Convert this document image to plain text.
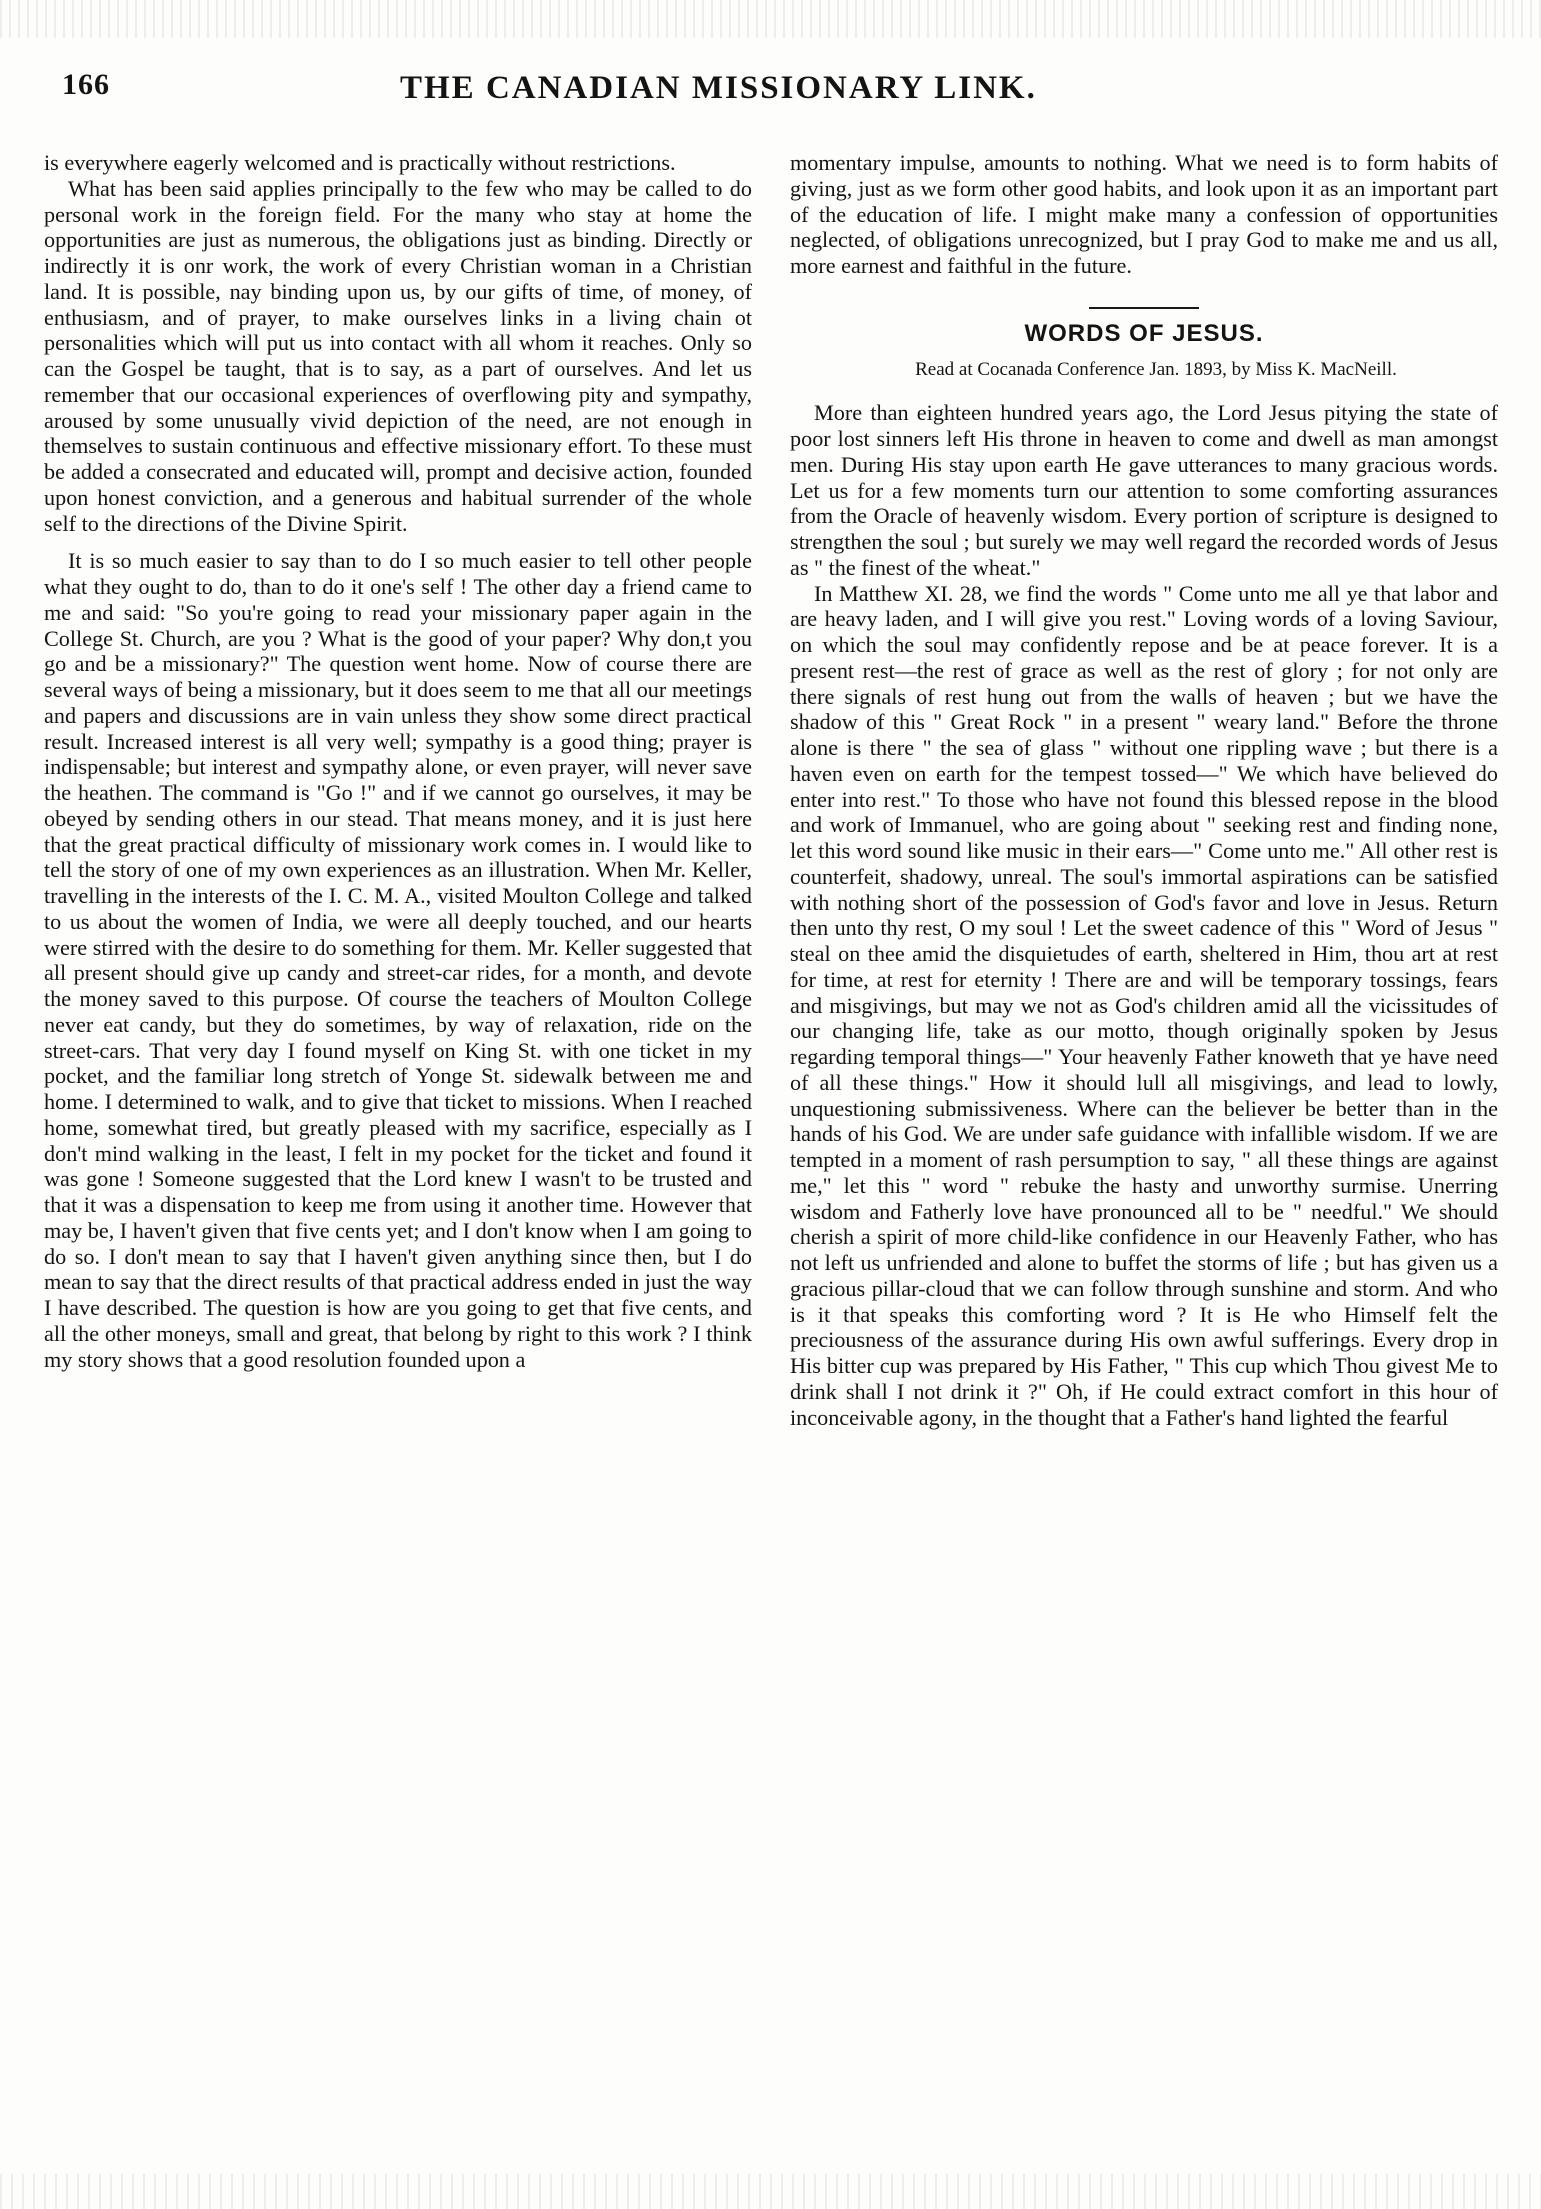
166	THE CANADIAN MISSIONARY LINK.

is everywhere eagerly welcomed and is practically without restrictions.

What has been said applies principally to the few who may be called to do personal work in the foreign field. For the many who stay at home the opportunities are just as numerous, the obligations just as binding. Directly or indirectly it is onr work, the work of every Christian woman in a Christian land. It is possible, nay binding upon us, by our gifts of time, of money, of enthusiasm, and of prayer, to make ourselves links in a living chain ot personalities which will put us into contact with all whom it reaches. Only so can the Gospel be taught, that is to say, as a part of ourselves. And let us remember that our occasional experiences of overflowing pity and sympathy, aroused by some unusually vivid depiction of the need, are not enough in themselves to sustain continuous and effective missionary effort. To these must be added a consecrated and educated will, prompt and decisive action, founded upon honest conviction, and a generous and habitual surrender of the whole self to the directions of the Divine Spirit.

It is so much easier to say than to do I so much easier to tell other people what they ought to do, than to do it one's self ! The other day a friend came to me and said: "So you're going to read your missionary paper again in the College St. Church, are you ? What is the good of your paper? Why don,t you go and be a missionary?" The question went home. Now of course there are several ways of being a missionary, but it does seem to me that all our meetings and papers and discussions are in vain unless they show some direct practical result. Increased interest is all very well; sympathy is a good thing; prayer is indispensable; but interest and sympathy alone, or even prayer, will never save the heathen. The command is "Go !" and if we cannot go ourselves, it may be obeyed by sending others in our stead. That means money, and it is just here that the great practical difficulty of missionary work comes in. I would like to tell the story of one of my own experiences as an illustration. When Mr. Keller, travelling in the interests of the I. C. M. A., visited Moulton College and talked to us about the women of India, we were all deeply touched, and our hearts were stirred with the desire to do something for them. Mr. Keller suggested that all present should give up candy and street-car rides, for a month, and devote the money saved to this purpose. Of course the teachers of Moulton College never eat candy, but they do sometimes, by way of relaxation, ride on the street-cars. That very day I found myself on King St. with one ticket in my pocket, and the familiar long stretch of Yonge St. sidewalk between me and home. I determined to walk, and to give that ticket to missions. When I reached home, somewhat tired, but greatly pleased with my sacrifice, especially as I don't mind walking in the least, I felt in my pocket for the ticket and found it was gone ! Someone suggested that the Lord knew I wasn't to be trusted and that it was a dispensation to keep me from using it another time. However that may be, I haven't given that five cents yet; and I don't know when I am going to do so. I don't mean to say that I haven't given anything since then, but I do mean to say that the direct results of that practical address ended in just the way I have described. The question is how are you going to get that five cents, and all the other moneys, small and great, that belong by right to this work ? I think my story shows that a good resolution founded upon a

momentary impulse, amounts to nothing. What we need is to form habits of giving, just as we form other good habits, and look upon it as an important part of the education of life. I might make many a confession of opportunities neglected, of obligations unrecognized, but I pray God to make me and us all, more earnest and faithful in the future.

WORDS OF JESUS.

Read at Cocanada Conference Jan. 1893, by Miss K. MacNeill.

More than eighteen hundred years ago, the Lord Jesus pitying the state of poor lost sinners left His throne in heaven to come and dwell as man amongst men. During His stay upon earth He gave utterances to many gracious words. Let us for a few moments turn our attention to some comforting assurances from the Oracle of heavenly wisdom. Every portion of scripture is designed to strengthen the soul ; but surely we may well regard the recorded words of Jesus as " the finest of the wheat."

In Matthew XI. 28, we find the words " Come unto me all ye that labor and are heavy laden, and I will give you rest." Loving words of a loving Saviour, on which the soul may confidently repose and be at peace forever. It is a present rest—the rest of grace as well as the rest of glory ; for not only are there signals of rest hung out from the walls of heaven ; but we have the shadow of this " Great Rock " in a present " weary land." Before the throne alone is there " the sea of glass " without one rippling wave ; but there is a haven even on earth for the tempest tossed—" We which have believed do enter into rest." To those who have not found this blessed repose in the blood and work of Immanuel, who are going about " seeking rest and finding none, let this word sound like music in their ears—" Come unto me." All other rest is counterfeit, shadowy, unreal. The soul's immortal aspirations can be satisfied with nothing short of the possession of God's favor and love in Jesus. Return then unto thy rest, O my soul ! Let the sweet cadence of this " Word of Jesus " steal on thee amid the disquietudes of earth, sheltered in Him, thou art at rest for time, at rest for eternity ! There are and will be temporary tossings, fears and misgivings, but may we not as God's children amid all the vicissitudes of our changing life, take as our motto, though originally spoken by Jesus regarding temporal things—" Your heavenly Father knoweth that ye have need of all these things." How it should lull all misgivings, and lead to lowly, unquestioning submissiveness. Where can the believer be better than in the hands of his God. We are under safe guidance with infallible wisdom. If we are tempted in a moment of rash persumption to say, " all these things are against me," let this " word " rebuke the hasty and unworthy surmise. Unerring wisdom and Fatherly love have pronounced all to be " needful." We should cherish a spirit of more child-like confidence in our Heavenly Father, who has not left us unfriended and alone to buffet the storms of life ; but has given us a gracious pillar-cloud that we can follow through sunshine and storm. And who is it that speaks this comforting word ? It is He who Himself felt the preciousness of the assurance during His own awful sufferings. Every drop in His bitter cup was prepared by His Father, " This cup which Thou givest Me to drink shall I not drink it ?" Oh, if He could extract comfort in this hour of inconceivable agony, in the thought that a Father's hand lighted the fearful
